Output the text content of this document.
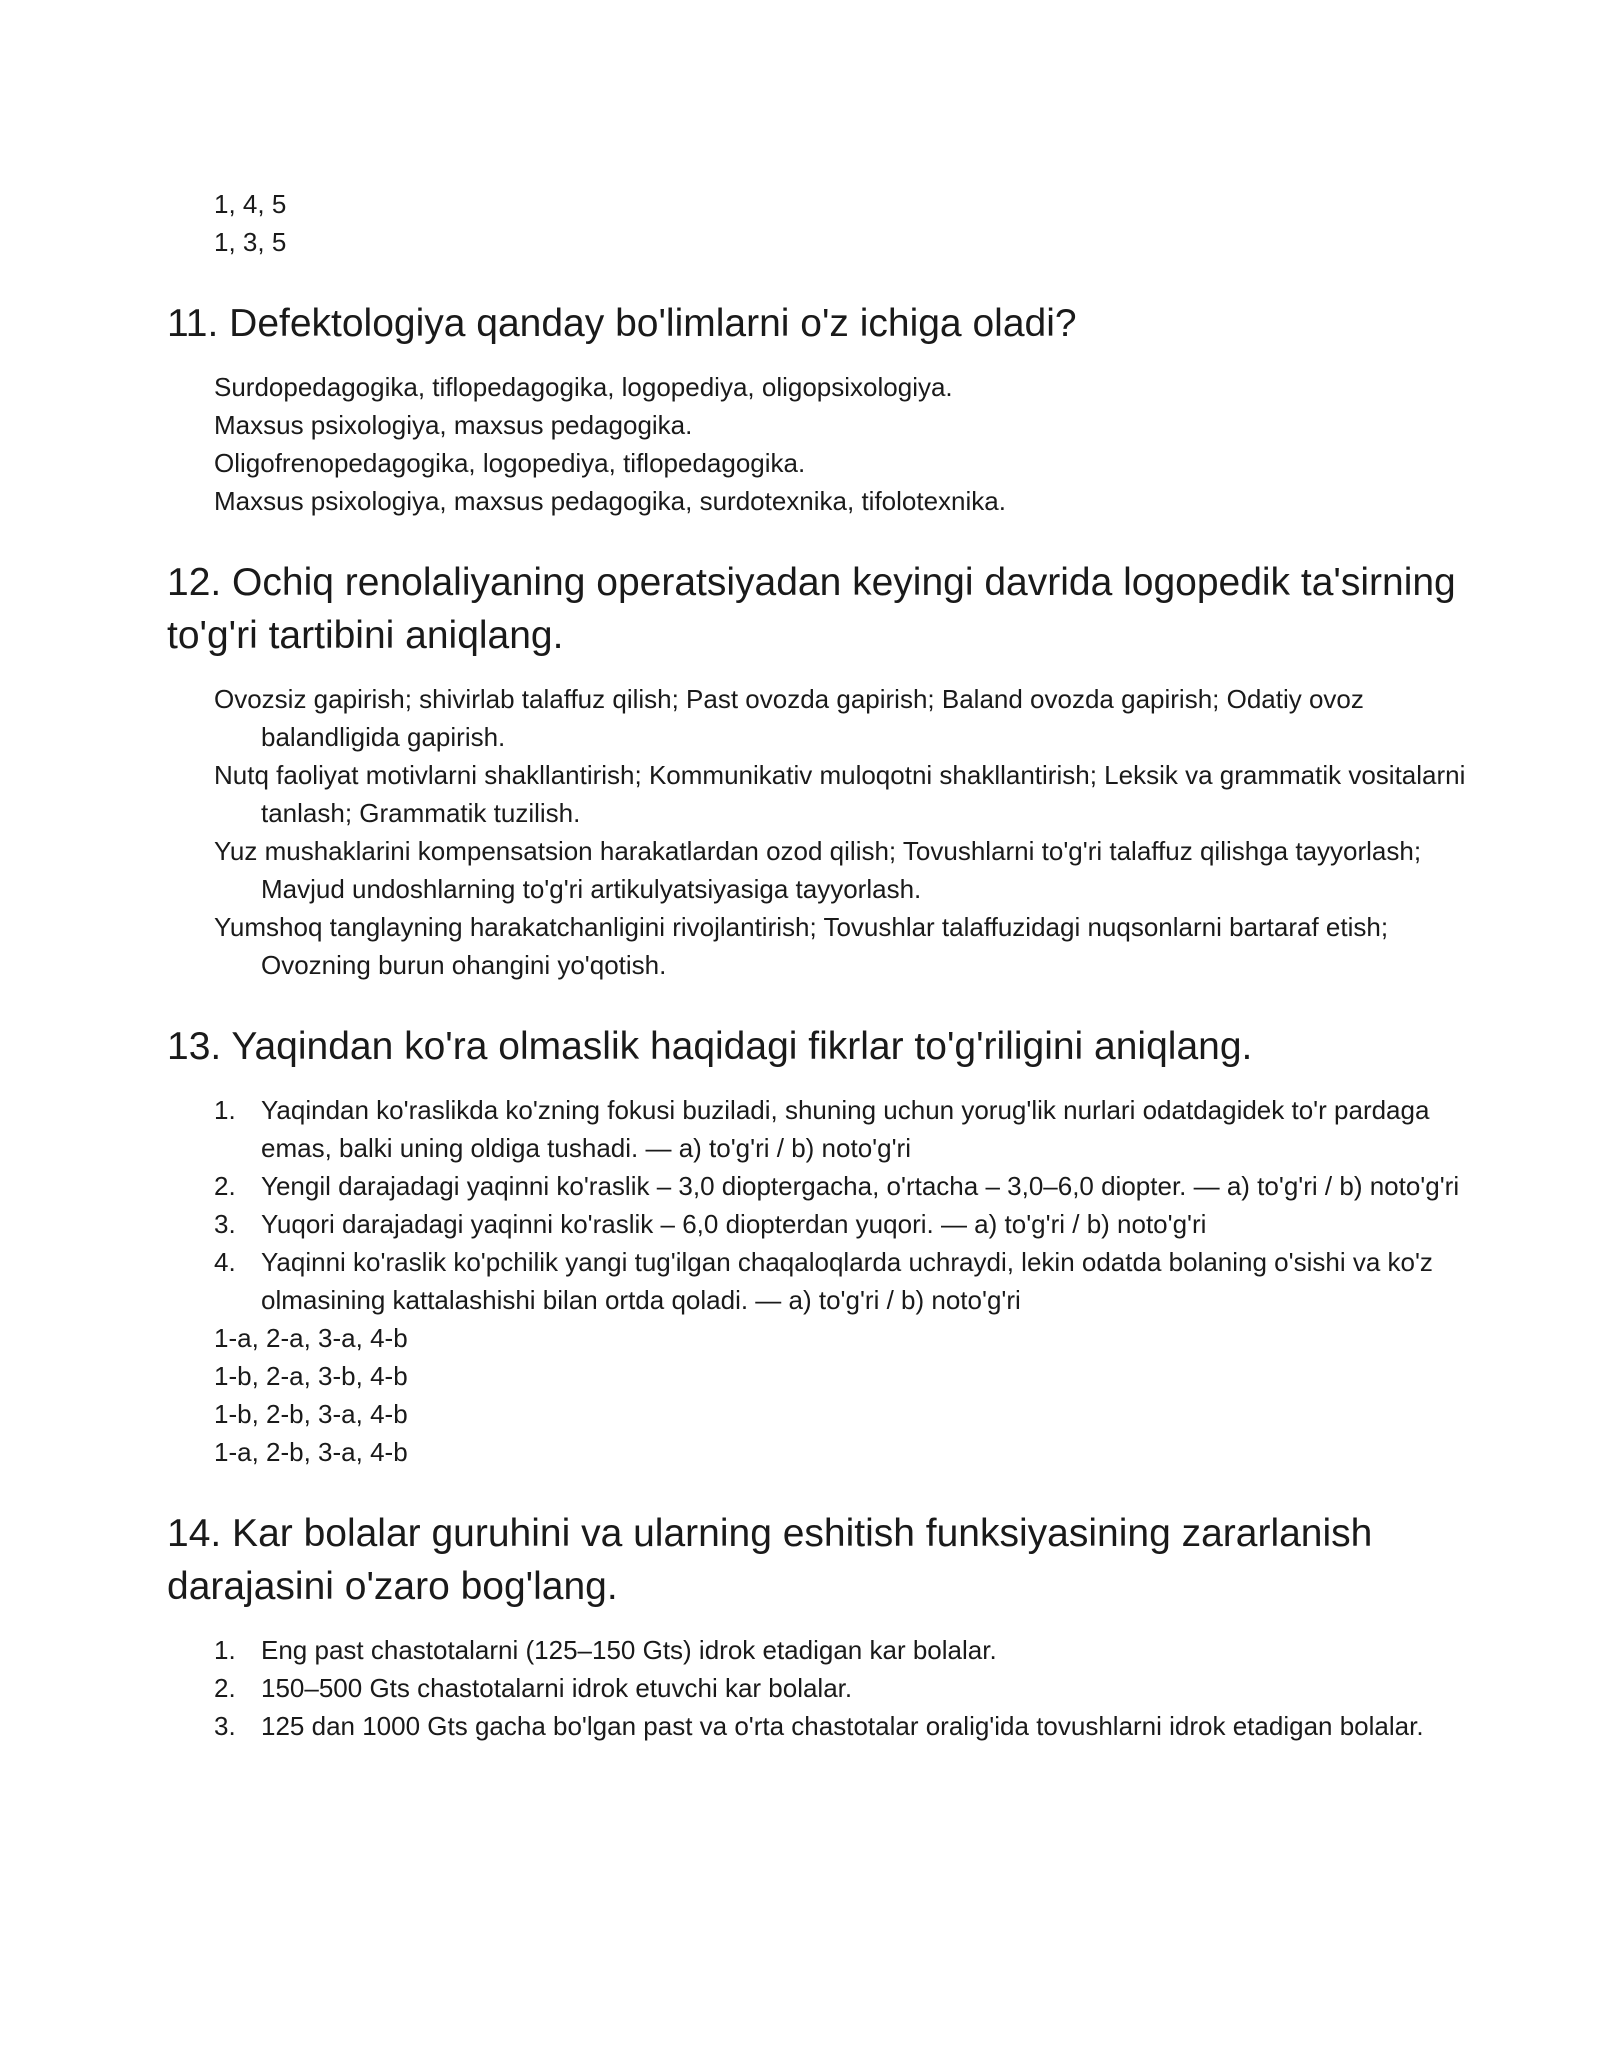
1, 4, 5

1, 3, 5

11. Defektologiya qanday bo'limlarni o'z ichiga oladi?

Surdopedagogika, tiflopedagogika, logopediya, oligopsixologiya.

Maxsus psixologiya, maxsus pedagogika.

Oligofrenopedagogika, logopediya, tiflopedagogika.

Maxsus psixologiya, maxsus pedagogika, surdotexnika, tifolotexnika.

12. Ochiq renolaliyaning operatsiyadan keyingi davrida logopedik ta'sirning to'g'ri tartibini aniqlang.

Ovozsiz gapirish; shivirlab talaffuz qilish; Past ovozda gapirish; Baland ovozda gapirish; Odatiy ovoz balandligida gapirish.

Nutq faoliyat motivlarni shakllantirish; Kommunikativ muloqotni shakllantirish; Leksik va grammatik vositalarni tanlash; Grammatik tuzilish.

Yuz mushaklarini kompensatsion harakatlardan ozod qilish; Tovushlarni to'g'ri talaffuz qilishga tayyorlash; Mavjud undoshlarning to'g'ri artikulyatsiyasiga tayyorlash.

Yumshoq tanglayning harakatchanligini rivojlantirish; Tovushlar talaffuzidagi nuqsonlarni bartaraf etish; Ovozning burun ohangini yo'qotish.

13. Yaqindan ko'ra olmaslik haqidagi fikrlar to'g'riligini aniqlang.
1. Yaqindan ko'raslikda ko'zning fokusi buziladi, shuning uchun yorug'lik nurlari odatdagidek to'r pardaga emas, balki uning oldiga tushadi. — a) to'g'ri / b) noto'g'ri
2. Yengil darajadagi yaqinni ko'raslik – 3,0 dioptergacha, o'rtacha – 3,0–6,0 diopter. — a) to'g'ri / b) noto'g'ri
3. Yuqori darajadagi yaqinni ko'raslik – 6,0 diopterdan yuqori. — a) to'g'ri / b) noto'g'ri
4. Yaqinni ko'raslik ko'pchilik yangi tug'ilgan chaqaloqlarda uchraydi, lekin odatda bolaning o'sishi va ko'z olmasining kattalashishi bilan ortda qoladi. — a) to'g'ri / b) noto'g'ri

1-a, 2-a, 3-a, 4-b

1-b, 2-a, 3-b, 4-b

1-b, 2-b, 3-a, 4-b

1-a, 2-b, 3-a, 4-b

14. Kar bolalar guruhini va ularning eshitish funksiyasining zararlanish darajasini o'zaro bog'lang.
1. Eng past chastotalarni (125–150 Gts) idrok etadigan kar bolalar.
2. 150–500 Gts chastotalarni idrok etuvchi kar bolalar.
3. 125 dan 1000 Gts gacha bo'lgan past va o'rta chastotalar oralig'ida tovushlarni idrok etadigan bolalar.
